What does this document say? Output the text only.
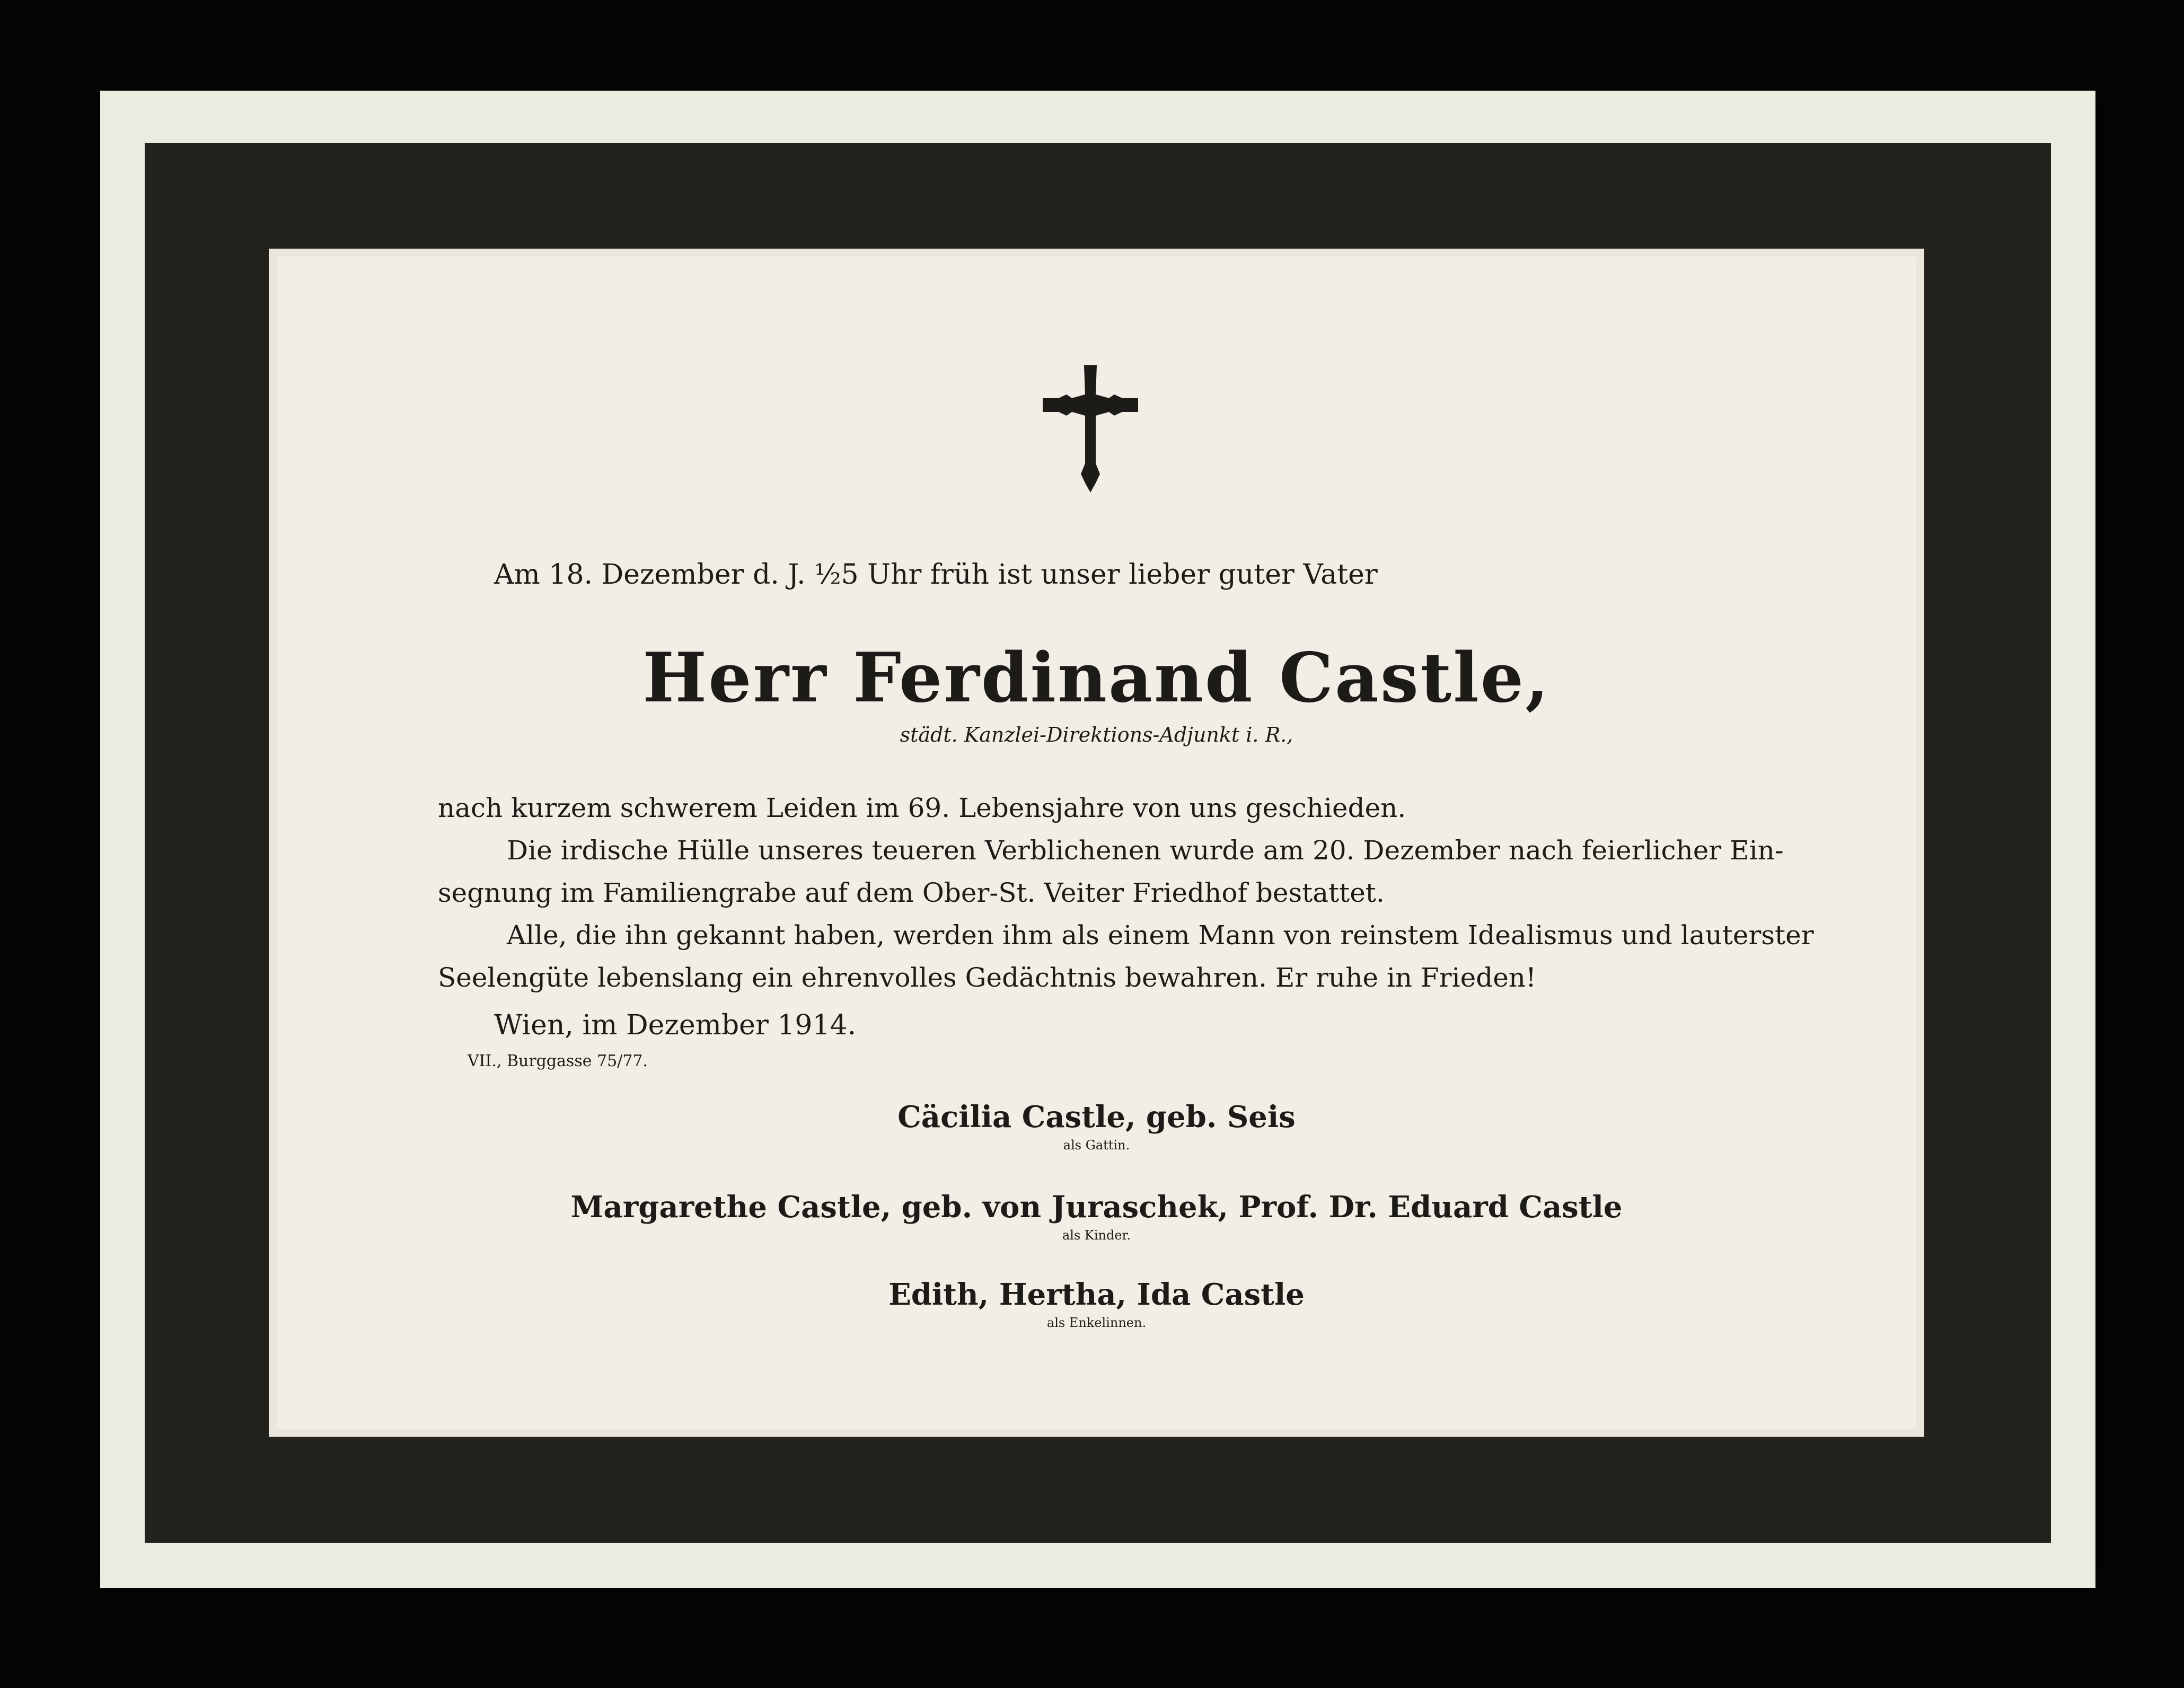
Am 18. Dezember d. J. ½5 Uhr früh ist unser lieber guter Vater

Herr Ferdinand Castle,

städt. Kanzlei-Direktions-Adjunkt i. R.,

nach kurzem schwerem Leiden im 69. Lebensjahre von uns geschieden.

Die irdische Hülle unseres teueren Verblichenen wurde am 20. Dezember nach feierlicher Ein-

segnung im Familiengrabe auf dem Ober-St. Veiter Friedhof bestattet.

Alle, die ihn gekannt haben, werden ihm als einem Mann von reinstem Idealismus und lauterster

Seelengüte lebenslang ein ehrenvolles Gedächtnis bewahren. Er ruhe in Frieden!

Wien, im Dezember 1914.
VII., Burggasse 75/77.
Cäcilia Castle, geb. Seis
als Gattin.
Margarethe Castle, geb. von Juraschek, Prof. Dr. Eduard Castle
als Kinder.
Edith, Hertha, Ida Castle
als Enkelinnen.
